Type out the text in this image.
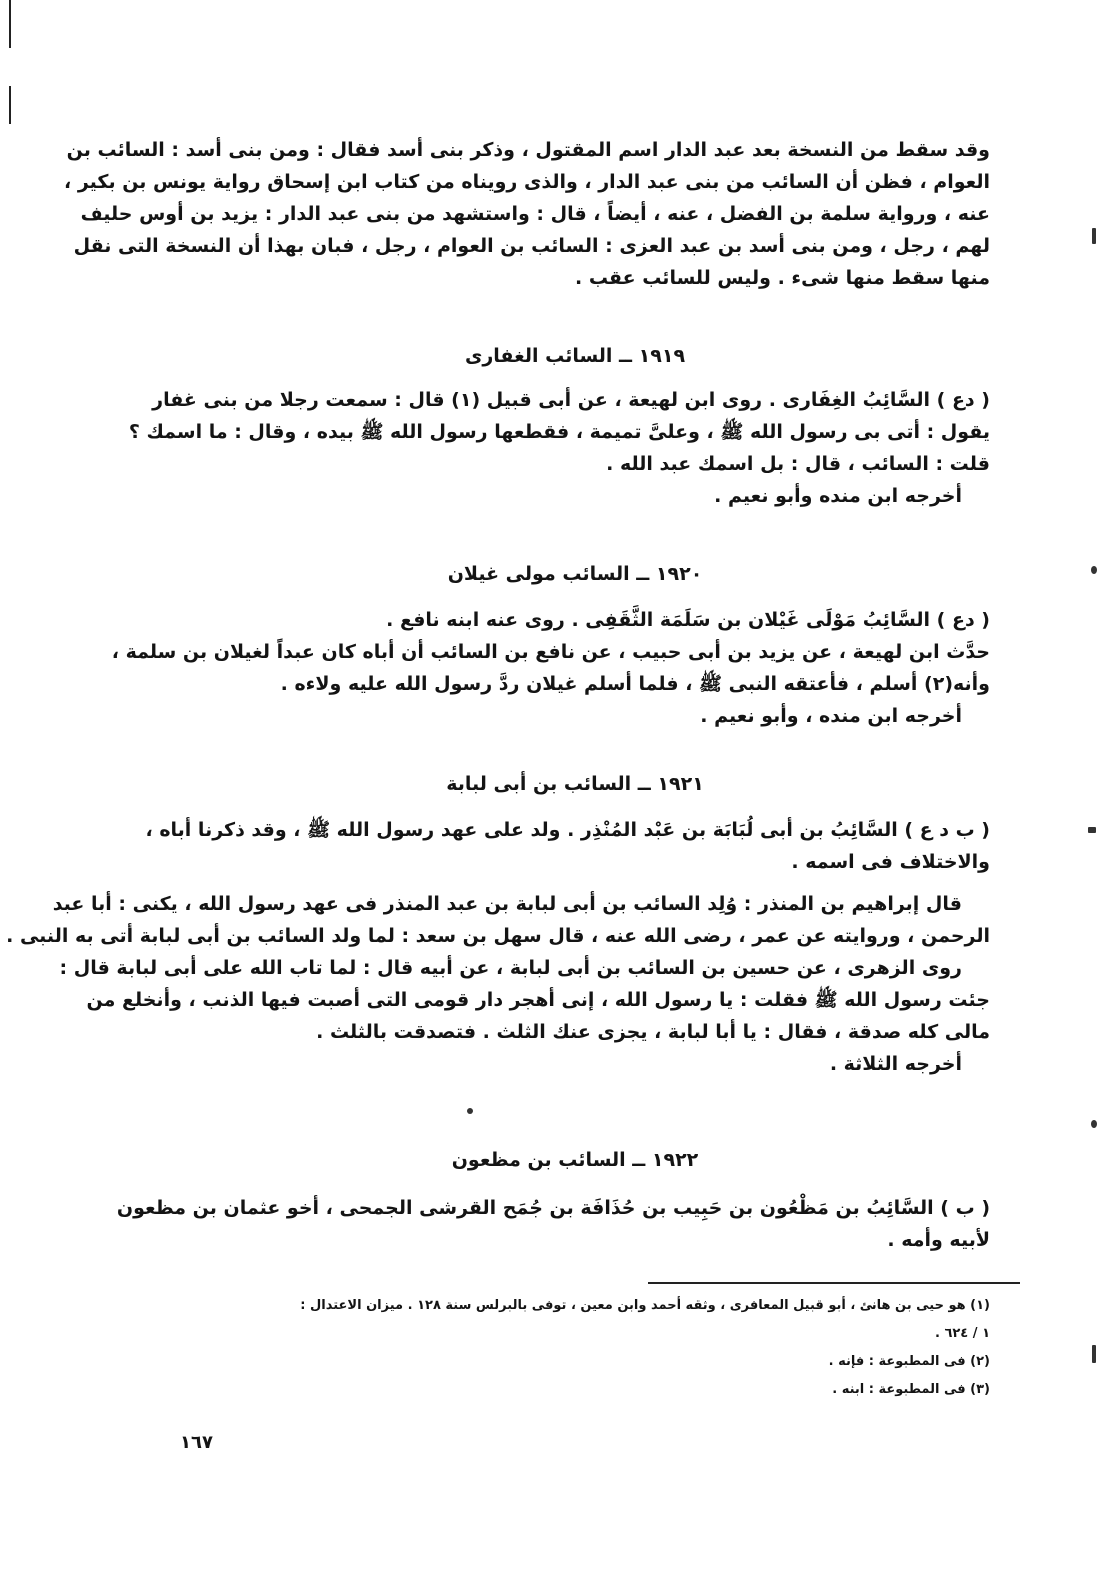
وقد سقط من النسخة بعد عبد الدار اسم المقتول ، وذكر بنى أسد فقال : ومن بنى أسد : السائب بن
العوام ، فظن أن السائب من بنى عبد الدار ، والذى رويناه من كتاب ابن إسحاق رواية يونس بن بكير ،
عنه ، ورواية سلمة بن الفضل ، عنه ، أيضاً ، قال : واستشهد من بنى عبد الدار : يزيد بن أوس حليف
لهم ، رجل ، ومن بنى أسد بن عبد العزى : السائب بن العوام ، رجل ، فبان بهذا أن النسخة التى نقل
منها سقط منها شىء . وليس للسائب عقب .
١٩١٩ ــ السائب الغفارى
( دع ) السَّائِبُ الغِفَارى . روى ابن لهيعة ، عن أبى قبيل (١) قال : سمعت رجلا من بنى غفار
يقول : أتى بى رسول الله ﷺ ، وعلىَّ تميمة ، فقطعها رسول الله ﷺ بيده ، وقال : ما اسمك ؟
قلت : السائب ، قال : بل اسمك عبد الله .
أخرجه ابن منده وأبو نعيم .
١٩٢٠ ــ السائب مولى غيلان
( دع ) السَّائِبُ مَوْلَى غَيْلان بن سَلَمَة الثَّقَفِى . روى عنه ابنه نافع .
حدَّث ابن لهيعة ، عن يزيد بن أبى حبيب ، عن نافع بن السائب أن أباه كان عبداً لغيلان بن سلمة ،
وأنه(٢) أسلم ، فأعتقه النبى ﷺ ، فلما أسلم غيلان ردَّ رسول الله عليه ولاءه .
أخرجه ابن منده ، وأبو نعيم .
١٩٢١ ــ السائب بن أبى لبابة
( ب د ع ) السَّائِبُ بن أبى لُبَابَة بن عَبْد المُنْذِر . ولد على عهد رسول الله ﷺ ، وقد ذكرنا أباه ،
والاختلاف فى اسمه .
قال إبراهيم بن المنذر : وُلِد السائب بن أبى لبابة بن عبد المنذر فى عهد رسول الله ، يكنى : أبا عبد
الرحمن ، وروايته عن عمر ، رضى الله عنه ، قال سهل بن سعد : لما ولد السائب بن أبى لبابة أتى به النبى .
روى الزهرى ، عن حسين بن السائب بن أبى لبابة ، عن أبيه قال : لما تاب الله على أبى لبابة قال :
جئت رسول الله ﷺ فقلت : يا رسول الله ، إنى أهجر دار قومى التى أصبت فيها الذنب ، وأنخلع من
مالى كله صدقة ، فقال : يا أبا لبابة ، يجزى عنك الثلث . فتصدقت بالثلث .
أخرجه الثلاثة .
١٩٢٢ ــ السائب بن مظعون
( ب ) السَّائِبُ بن مَظْعُون بن حَبِيب بن حُذَافَة بن جُمَح القرشى الجمحى ، أخو عثمان بن مظعون
لأبيه وأمه .
(١) هو حيى بن هانئ ، أبو قبيل المعافرى ، وثقه أحمد وابن معين ، توفى بالبرلس سنة ١٢٨ . ميزان الاعتدال :
١ / ٦٢٤ .
(٢) فى المطبوعة : فإنه .
(٣) فى المطبوعة : ابنه .
١٦٧
